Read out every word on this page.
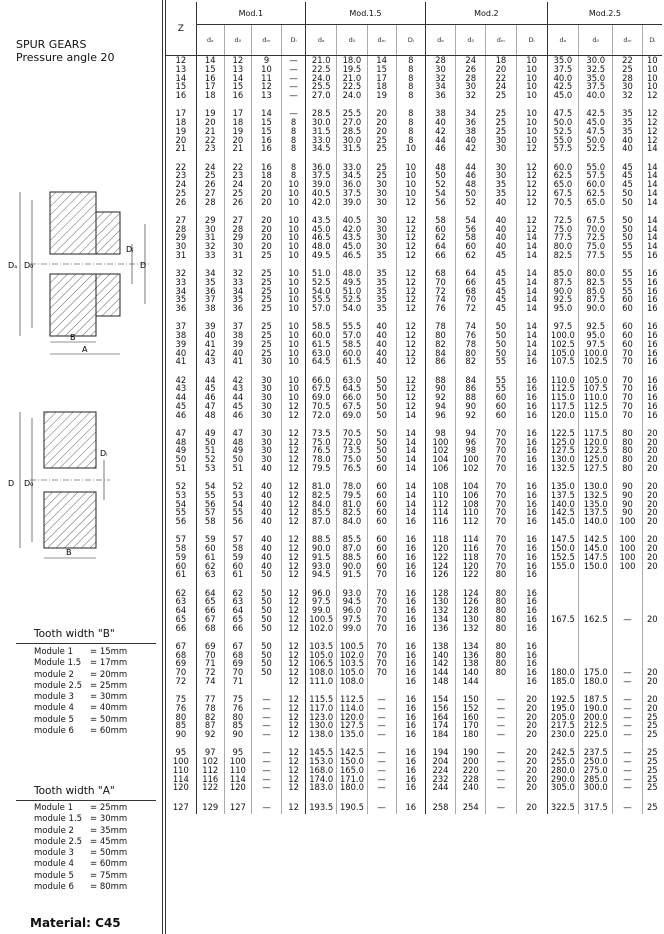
SPUR GEARS
Pressure angle 20
Dₐ D₀
Dᵢ
D
B
A
D D₀
Dᵢ
B
Tooth width "B"
Module 1 = 15mm
Module 1.5 = 17mm
module 2 = 20mm
module 2.5 = 25mm
module 3 = 30mm
module 4 = 40mm
module 5 = 50mm
module 6 = 60mm
Tooth width "A"
Module 1 = 25mm
module 1.5 = 30mm
module 2 = 35mm
module 2.5 = 45mm
module 3 = 50mm
module 4 = 60mm
module 5 = 75mm
module 6 = 80mm
Material: C45
Z	Mod.1				Mod.1.5				Mod.2				Mod.2.5			
	dₐ	d₀	dₘ	Dᵢ	dₐ	d₀	dₘ	Dᵢ	dₐ	d₀	dₘ	Dᵢ	dₐ	d₀	dₘ	Dᵢ
12	14	12	9	—	21.0	18.0	14	8	28	24	18	10	35.0	30.0	22	10
13	15	13	10	—	22.5	19.5	15	8	30	26	20	10	37.5	32.5	25	10
14	16	14	11	—	24.0	21.0	17	8	32	28	22	10	40.0	35.0	28	10
15	17	15	12	—	25.5	22.5	18	8	34	30	24	10	42.5	37.5	30	10
16	18	16	13	—	27.0	24.0	19	8	36	32	25	10	45.0	40.0	32	12

17	19	17	14	—	28.5	25.5	20	8	38	34	25	10	47.5	42.5	35	12
18	20	18	15	8	30.0	27.0	20	8	40	36	25	10	50.0	45.0	35	12
19	21	19	15	8	31.5	28.5	20	8	42	38	25	10	52.5	47.5	35	12
20	22	20	16	8	33.0	30.0	25	8	44	40	30	10	55.0	50.0	40	12
21	23	21	16	8	34.5	31.5	25	10	46	42	30	12	57.5	52.5	40	14

22	24	22	16	8	36.0	33.0	25	10	48	44	30	12	60.0	55.0	45	14
23	25	23	18	8	37.5	34.5	25	10	50	46	30	12	62.5	57.5	45	14
24	26	24	20	10	39.0	36.0	30	10	52	48	35	12	65.0	60.0	45	14
25	27	25	20	10	40.5	37.5	30	10	54	50	35	12	67.5	62.5	50	14
26	28	26	20	10	42.0	39.0	30	12	56	52	40	12	70.5	65.0	50	14

27	29	27	20	10	43.5	40.5	30	12	58	54	40	12	72.5	67.5	50	14
28	30	28	20	10	45.0	42.0	30	12	60	56	40	12	75.0	70.0	50	14
29	31	29	20	10	46.5	43.5	30	12	62	58	40	14	77.5	72.5	50	14
30	32	30	20	10	48.0	45.0	30	12	64	60	40	14	80.0	75.0	55	14
31	33	31	25	10	49.5	46.5	35	12	66	62	45	14	82.5	77.5	55	16

32	34	32	25	10	51.0	48.0	35	12	68	64	45	14	85.0	80.0	55	16
33	35	33	25	10	52.5	49.5	35	12	70	66	45	14	87.5	82.5	55	16
34	36	34	25	10	54.0	51.0	35	12	72	68	45	14	90.0	85.0	55	16
35	37	35	25	10	55.5	52.5	35	12	74	70	45	14	92.5	87.5	60	16
36	38	36	25	10	57.0	54.0	35	12	76	72	45	14	95.0	90.0	60	16

37	39	37	25	10	58.5	55.5	40	12	78	74	50	14	97.5	92.5	60	16
38	40	38	25	10	60.0	57.0	40	12	80	76	50	14	100.0	95.0	60	16
39	41	39	25	10	61.5	58.5	40	12	82	78	50	14	102.5	97.5	60	16
40	42	40	25	10	63.0	60.0	40	12	84	80	50	14	105.0	100.0	70	16
41	43	41	30	10	64.5	61.5	40	12	86	82	55	16	107.5	102.5	70	16

42	44	42	30	10	66.0	63.0	50	12	88	84	55	16	110.0	105.0	70	16
43	45	43	30	10	67.5	64.5	50	12	90	86	55	16	112.5	107.5	70	16
44	46	44	30	10	69.0	66.0	50	12	92	88	60	16	115.0	110.0	70	16
45	47	45	30	12	70.5	67.5	50	12	94	90	60	16	117.5	112.5	70	16
46	48	46	30	12	72.0	69.0	50	14	96	92	60	16	120.0	115.0	70	16

47	49	47	30	12	73.5	70.5	50	14	98	94	70	16	122.5	117.5	80	20
48	50	48	30	12	75.0	72.0	50	14	100	96	70	16	125.0	120.0	80	20
49	51	49	30	12	76.5	73.5	50	14	102	98	70	16	127.5	122.5	80	20
50	52	50	30	12	78.0	75.0	50	14	104	100	70	16	130.0	125.0	80	20
51	53	51	40	12	79.5	76.5	60	14	106	102	70	16	132.5	127.5	80	20

52	54	52	40	12	81.0	78.0	60	14	108	104	70	16	135.0	130.0	90	20
53	55	53	40	12	82.5	79.5	60	14	110	106	70	16	137.5	132.5	90	20
54	56	54	40	12	84.0	81.0	60	14	112	108	70	16	140.0	135.0	90	20
55	57	55	40	12	85.5	82.5	60	14	114	110	70	16	142.5	137.5	90	20
56	58	56	40	12	87.0	84.0	60	16	116	112	70	16	145.0	140.0	100	20

57	59	57	40	12	88.5	85.5	60	16	118	114	70	16	147.5	142.5	100	20
58	60	58	40	12	90.0	87.0	60	16	120	116	70	16	150.0	145.0	100	20
59	61	59	40	12	91.5	88.5	60	16	122	118	70	16	152.5	147.5	100	20
60	62	60	40	12	93.0	90.0	60	16	124	120	70	16	155.0	150.0	100	20
61	63	61	50	12	94.5	91.5	70	16	126	122	80	16				

62	64	62	50	12	96.0	93.0	70	16	128	124	80	16				
63	65	63	50	12	97.5	94.5	70	16	130	126	80	16				
64	66	64	50	12	99.0	96.0	70	16	132	128	80	16				
65	67	65	50	12	100.5	97.5	70	16	134	130	80	16	167.5	162.5	—	20
66	68	66	50	12	102.0	99.0	70	16	136	132	80	16				

67	69	67	50	12	103.5	100.5	70	16	138	134	80	16				
68	70	68	50	12	105.0	102.0	70	16	140	136	80	16				
69	71	69	50	12	106.5	103.5	70	16	142	138	80	16				
70	72	70	50	12	108.0	105.0	70	16	144	140	80	16	180.0	175.0	—	20
72	74	71		12	111.0	108.0		16	148	144		16	185.0	180.0	—	20

75	77	75	—	12	115.5	112.5	—	16	154	150	—	20	192.5	187.5	—	20
76	78	76	—	12	117.0	114.0	—	16	156	152	—	20	195.0	190.0	—	20
80	82	80	—	12	123.0	120.0	—	16	164	160	—	20	205.0	200.0	—	25
85	87	85	—	12	130.0	127.5	—	16	174	170	—	20	217.5	212.5	—	25
90	92	90	—	12	138.0	135.0	—	16	184	180	—	20	230.0	225.0	—	25

95	97	95	—	12	145.5	142.5	—	16	194	190	—	20	242.5	237.5	—	25
100	102	100	—	12	153.0	150.0	—	16	204	200	—	20	255.0	250.0	—	25
110	112	110	—	12	168.0	165.0	—	16	224	220	—	20	280.0	275.0	—	25
114	116	114	—	12	174.0	171.0	—	16	232	228	—	20	290.0	285.0	—	25
120	122	120	—	12	183.0	180.0	—	16	244	240	—	20	305.0	300.0	—	25

127	129	127	—	12	193.5	190.5	—	16	258	254	—	20	322.5	317.5	—	25
